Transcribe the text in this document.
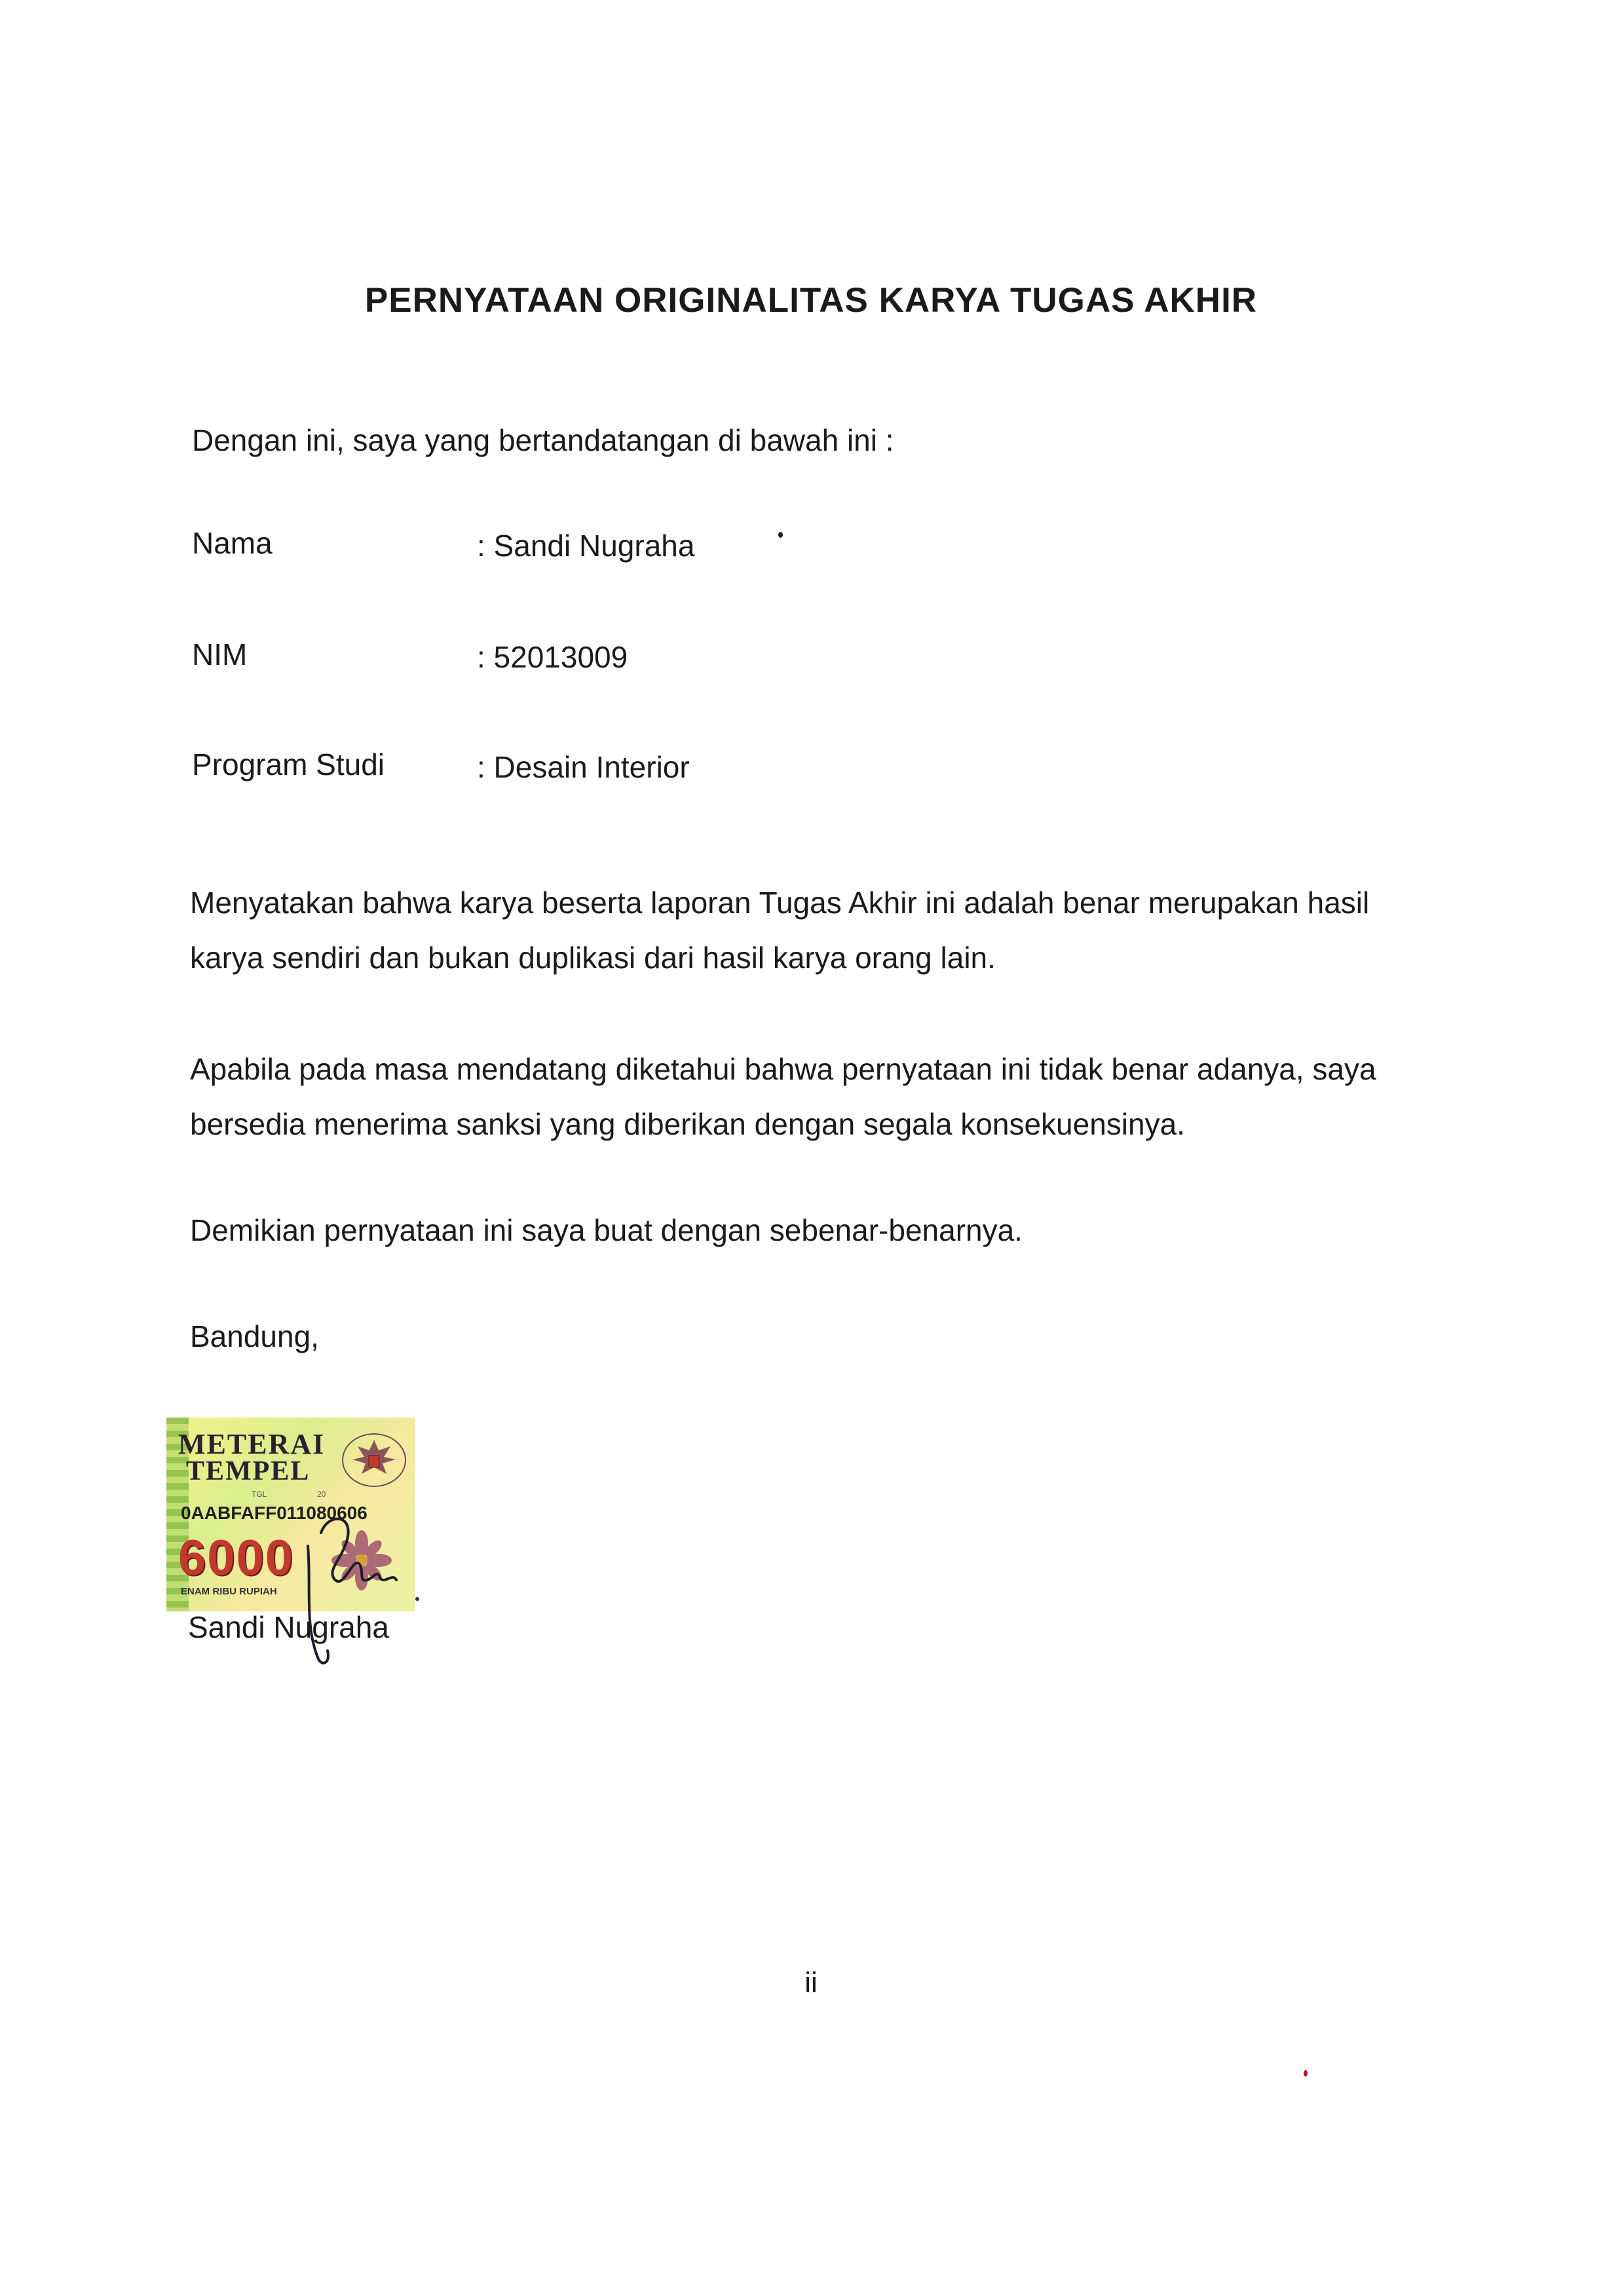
PERNYATAAN ORIGINALITAS KARYA TUGAS AKHIR
Dengan ini, saya yang bertandatangan di bawah ini :
Nama	: Sandi Nugraha
NIM	: 52013009
Program Studi	: Desain Interior
Menyatakan bahwa karya beserta laporan Tugas Akhir ini adalah benar merupakan hasil
karya sendiri dan bukan duplikasi dari hasil karya orang lain.
Apabila pada masa mendatang diketahui bahwa pernyataan ini tidak benar adanya, saya
bersedia menerima sanksi yang diberikan dengan segala konsekuensinya.
Demikian pernyataan ini saya buat dengan sebenar-benarnya.
Bandung,
METERAI
TEMPEL
TGL	20
0AABFAFF011080606
6000
ENAM RIBU RUPIAH
Sandi Nugraha
ii
